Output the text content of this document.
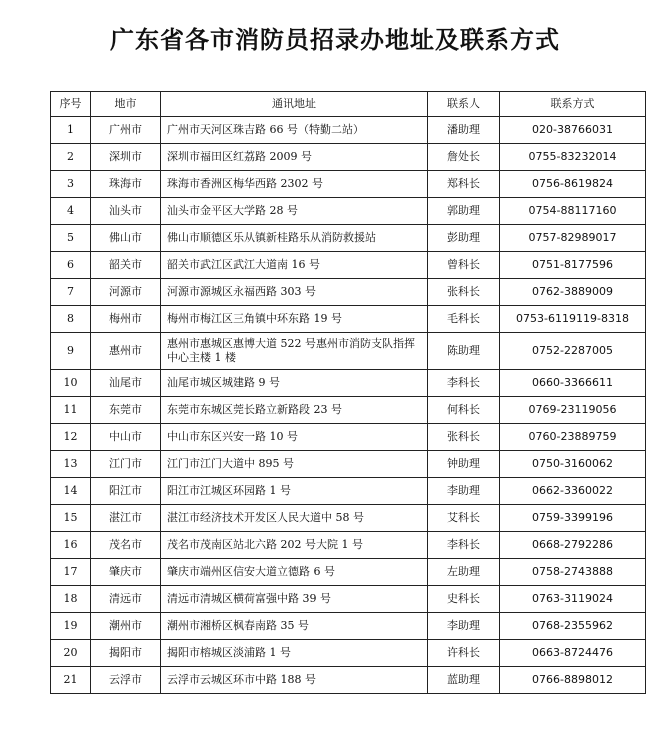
广东省各市消防员招录办地址及联系方式
序号	地市	通讯地址	联系人	联系方式
1	广州市	广州市天河区珠吉路 66 号（特勤二站）	潘助理	020-38766031
2	深圳市	深圳市福田区红荔路 2009 号	詹处长	0755-83232014
3	珠海市	珠海市香洲区梅华西路 2302 号	郑科长	0756-8619824
4	汕头市	汕头市金平区大学路 28 号	郭助理	0754-88117160
5	佛山市	佛山市顺德区乐从镇新桂路乐从消防救援站	彭助理	0757-82989017
6	韶关市	韶关市武江区武江大道南 16 号	曾科长	0751-8177596
7	河源市	河源市源城区永福西路 303 号	张科长	0762-3889009
8	梅州市	梅州市梅江区三角镇中环东路 19 号	毛科长	0753-6119119-8318
9	惠州市	惠州市惠城区惠博大道 522 号惠州市消防支队指挥中心主楼 1 楼	陈助理	0752-2287005
10	汕尾市	汕尾市城区城建路 9 号	李科长	0660-3366611
11	东莞市	东莞市东城区莞长路立新路段 23 号	何科长	0769-23119056
12	中山市	中山市东区兴安一路 10 号	张科长	0760-23889759
13	江门市	江门市江门大道中 895 号	钟助理	0750-3160062
14	阳江市	阳江市江城区环园路 1 号	李助理	0662-3360022
15	湛江市	湛江市经济技术开发区人民大道中 58 号	艾科长	0759-3399196
16	茂名市	茂名市茂南区站北六路 202 号大院 1 号	李科长	0668-2792286
17	肇庆市	肇庆市端州区信安大道立德路 6 号	左助理	0758-2743888
18	清远市	清远市清城区横荷富强中路 39 号	史科长	0763-3119024
19	潮州市	潮州市湘桥区枫春南路 35 号	李助理	0768-2355962
20	揭阳市	揭阳市榕城区淡浦路 1 号	许科长	0663-8724476
21	云浮市	云浮市云城区环市中路 188 号	蓝助理	0766-8898012
